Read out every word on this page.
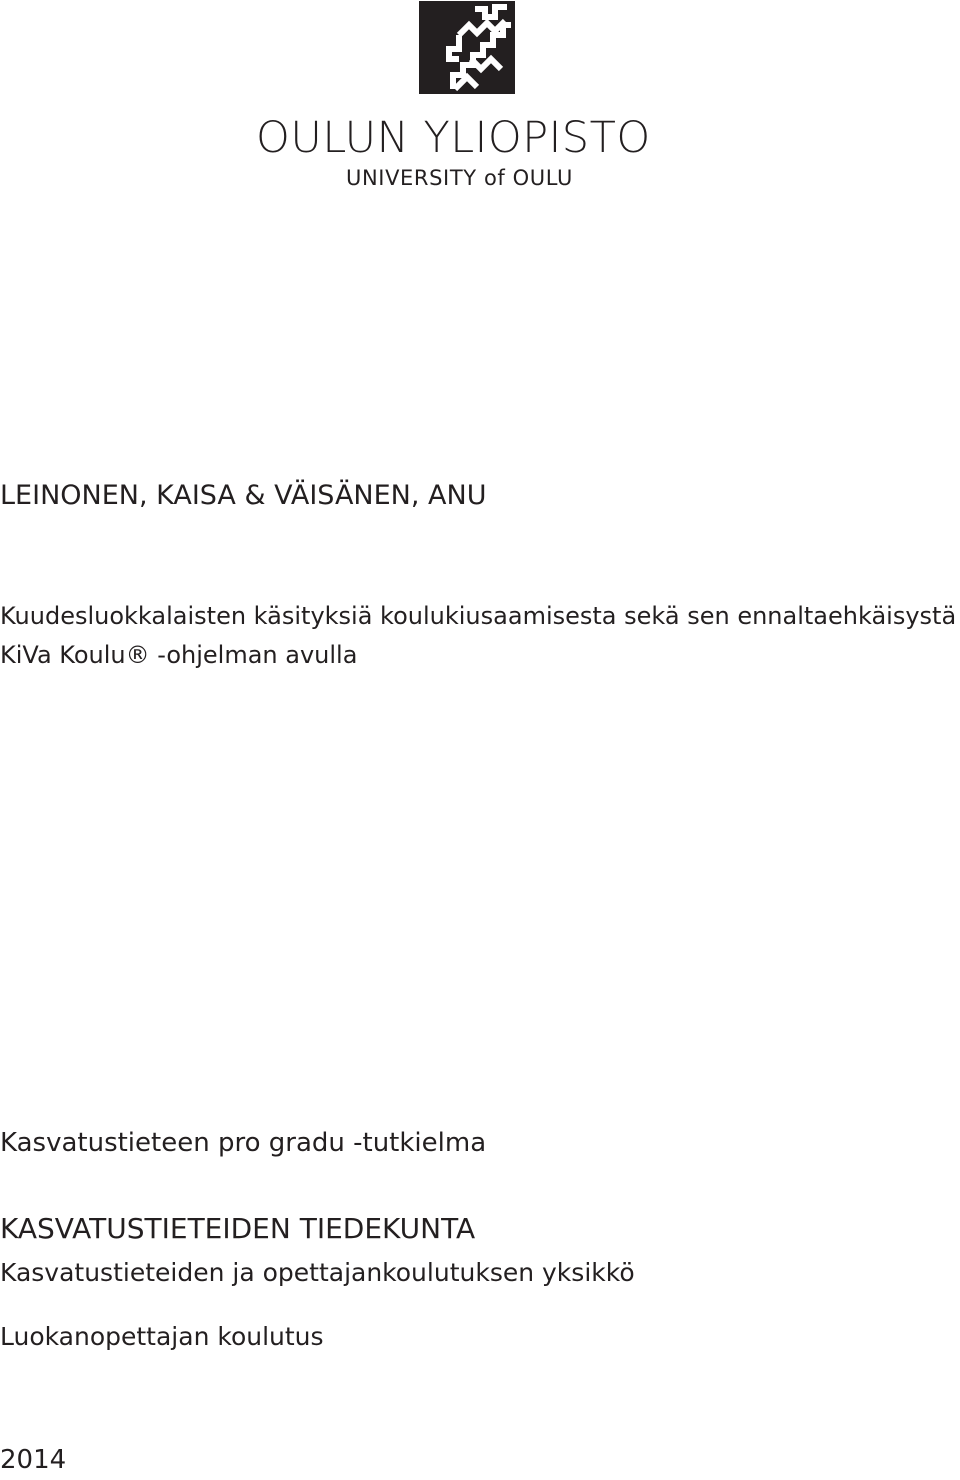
OULUN YLIOPISTO
UNIVERSITY of OULU
LEINONEN, KAISA & VÄISÄNEN, ANU
Kuudesluokkalaisten käsityksiä koulukiusaamisesta sekä sen ennaltaehkäisystä
KiVa Koulu® -ohjelman avulla
Kasvatustieteen pro gradu -tutkielma
KASVATUSTIETEIDEN TIEDEKUNTA
Kasvatustieteiden ja opettajankoulutuksen yksikkö
Luokanopettajan koulutus
2014
